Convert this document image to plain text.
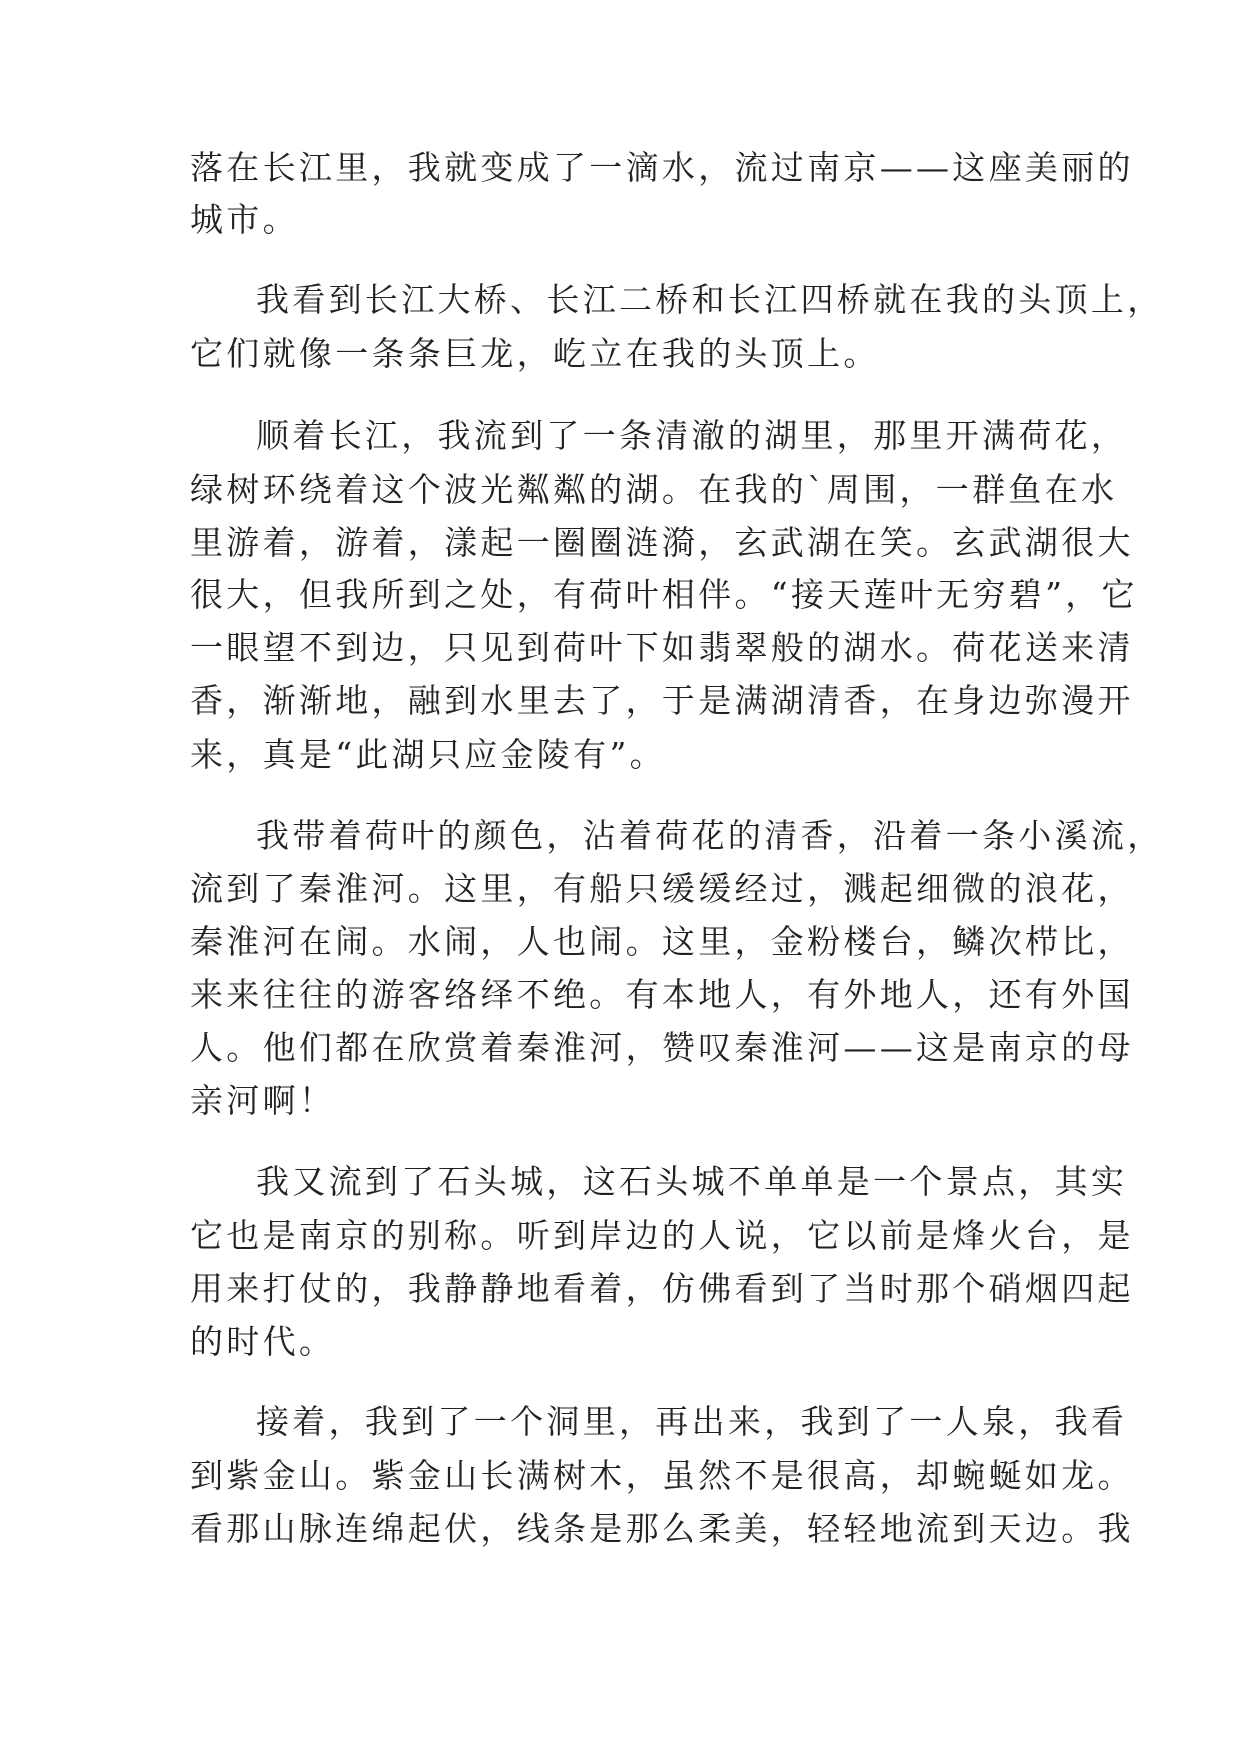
落在长江里，我就变成了一滴水，流过南京——这座美丽的

城市。

我看到长江大桥、长江二桥和长江四桥就在我的头顶上，

它们就像一条条巨龙，屹立在我的头顶上。

顺着长江，我流到了一条清澈的湖里，那里开满荷花，

绿树环绕着这个波光粼粼的湖。在我的`周围，一群鱼在水

里游着，游着，漾起一圈圈涟漪，玄武湖在笑。玄武湖很大

很大，但我所到之处，有荷叶相伴。“接天莲叶无穷碧”，它

一眼望不到边，只见到荷叶下如翡翠般的湖水。荷花送来清

香，渐渐地，融到水里去了，于是满湖清香，在身边弥漫开

来，真是“此湖只应金陵有”。

我带着荷叶的颜色，沾着荷花的清香，沿着一条小溪流，

流到了秦淮河。这里，有船只缓缓经过，溅起细微的浪花，

秦淮河在闹。水闹，人也闹。这里，金粉楼台，鳞次栉比，

来来往往的游客络绎不绝。有本地人，有外地人，还有外国

人。他们都在欣赏着秦淮河，赞叹秦淮河——这是南京的母

亲河啊！

我又流到了石头城，这石头城不单单是一个景点，其实

它也是南京的别称。听到岸边的人说，它以前是烽火台，是

用来打仗的，我静静地看着，仿佛看到了当时那个硝烟四起

的时代。

接着，我到了一个洞里，再出来，我到了一人泉，我看

到紫金山。紫金山长满树木，虽然不是很高，却蜿蜒如龙。

看那山脉连绵起伏，线条是那么柔美，轻轻地流到天边。我
